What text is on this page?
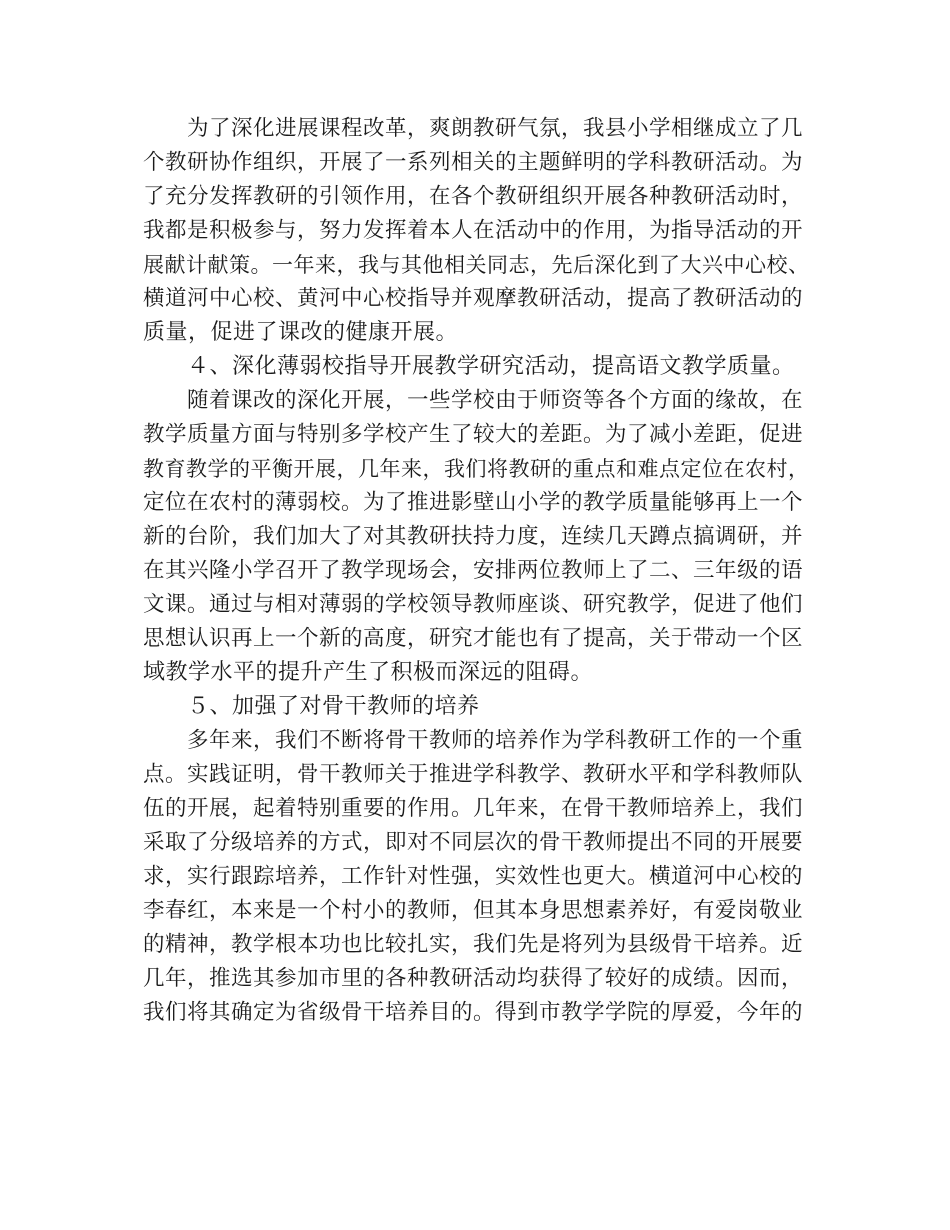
为了深化进展课程改革，爽朗教研气氛，我县小学相继成立了几
个教研协作组织，开展了一系列相关的主题鲜明的学科教研活动。为
了充分发挥教研的引领作用，在各个教研组织开展各种教研活动时，
我都是积极参与，努力发挥着本人在活动中的作用，为指导活动的开
展献计献策。一年来，我与其他相关同志，先后深化到了大兴中心校、
横道河中心校、黄河中心校指导并观摩教研活动，提高了教研活动的
质量，促进了课改的健康开展。
４、深化薄弱校指导开展教学研究活动，提高语文教学质量。
随着课改的深化开展，一些学校由于师资等各个方面的缘故，在
教学质量方面与特别多学校产生了较大的差距。为了减小差距，促进
教育教学的平衡开展，几年来，我们将教研的重点和难点定位在农村，
定位在农村的薄弱校。为了推进影壁山小学的教学质量能够再上一个
新的台阶，我们加大了对其教研扶持力度，连续几天蹲点搞调研，并
在其兴隆小学召开了教学现场会，安排两位教师上了二、三年级的语
文课。通过与相对薄弱的学校领导教师座谈、研究教学，促进了他们
思想认识再上一个新的高度，研究才能也有了提高，关于带动一个区
域教学水平的提升产生了积极而深远的阻碍。
５、加强了对骨干教师的培养
多年来，我们不断将骨干教师的培养作为学科教研工作的一个重
点。实践证明，骨干教师关于推进学科教学、教研水平和学科教师队
伍的开展，起着特别重要的作用。几年来，在骨干教师培养上，我们
采取了分级培养的方式，即对不同层次的骨干教师提出不同的开展要
求，实行跟踪培养，工作针对性强，实效性也更大。横道河中心校的
李春红，本来是一个村小的教师，但其本身思想素养好，有爱岗敬业
的精神，教学根本功也比较扎实，我们先是将列为县级骨干培养。近
几年，推选其参加市里的各种教研活动均获得了较好的成绩。因而，
我们将其确定为省级骨干培养目的。得到市教学学院的厚爱，今年的
